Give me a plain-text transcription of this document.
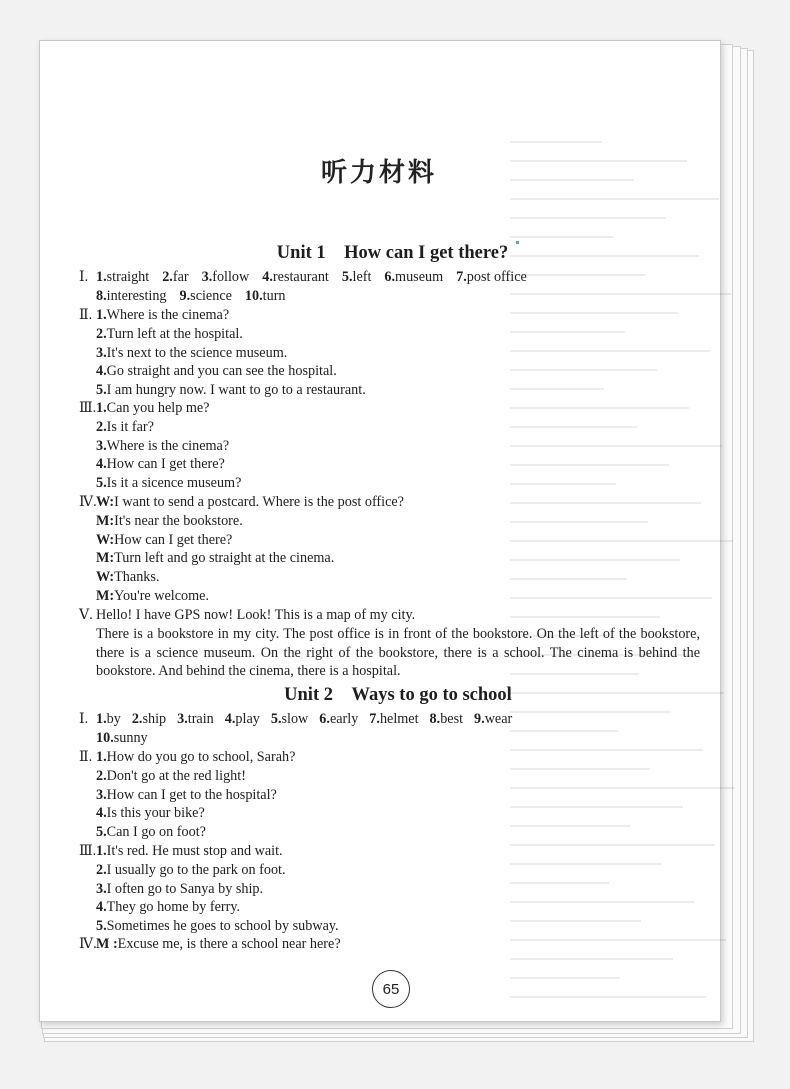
听力材料
Unit 1　How can I get there?
Ⅰ. 1.straight 2.far 3.follow 4.restaurant 5.left 6.museum 7.post office
8.interesting 9.science 10.turn
Ⅱ. 1. Where is the cinema?
2. Turn left at the hospital.
3. It's next to the science museum.
4. Go straight and you can see the hospital.
5. I am hungry now. I want to go to a restaurant.
Ⅲ. 1. Can you help me?
2. Is it far?
3. Where is the cinema?
4. How can I get there?
5. Is it a sicence museum?
Ⅳ. W: I want to send a postcard. Where is the post office?
M: It's near the bookstore.
W: How can I get there?
M: Turn left and go straight at the cinema.
W: Thanks.
M: You're welcome.
Ⅴ. Hello! I have GPS now! Look! This is a map of my city.
There is a bookstore in my city. The post office is in front of the bookstore. On the left of the bookstore, there is a science museum. On the right of the bookstore, there is a school. The cinema is behind the bookstore. And behind the cinema, there is a hospital.
Unit 2　Ways to go to school
Ⅰ. 1.by 2.ship 3.train 4.play 5.slow 6.early 7.helmet 8.best 9.wear
10.sunny
Ⅱ. 1. How do you go to school, Sarah?
2. Don't go at the red light!
3. How can I get to the hospital?
4. Is this your bike?
5. Can I go on foot?
Ⅲ. 1. It's red. He must stop and wait.
2. I usually go to the park on foot.
3. I often go to Sanya by ship.
4. They go home by ferry.
5. Sometimes he goes to school by subway.
Ⅳ. M : Excuse me, is there a school near here?
65
